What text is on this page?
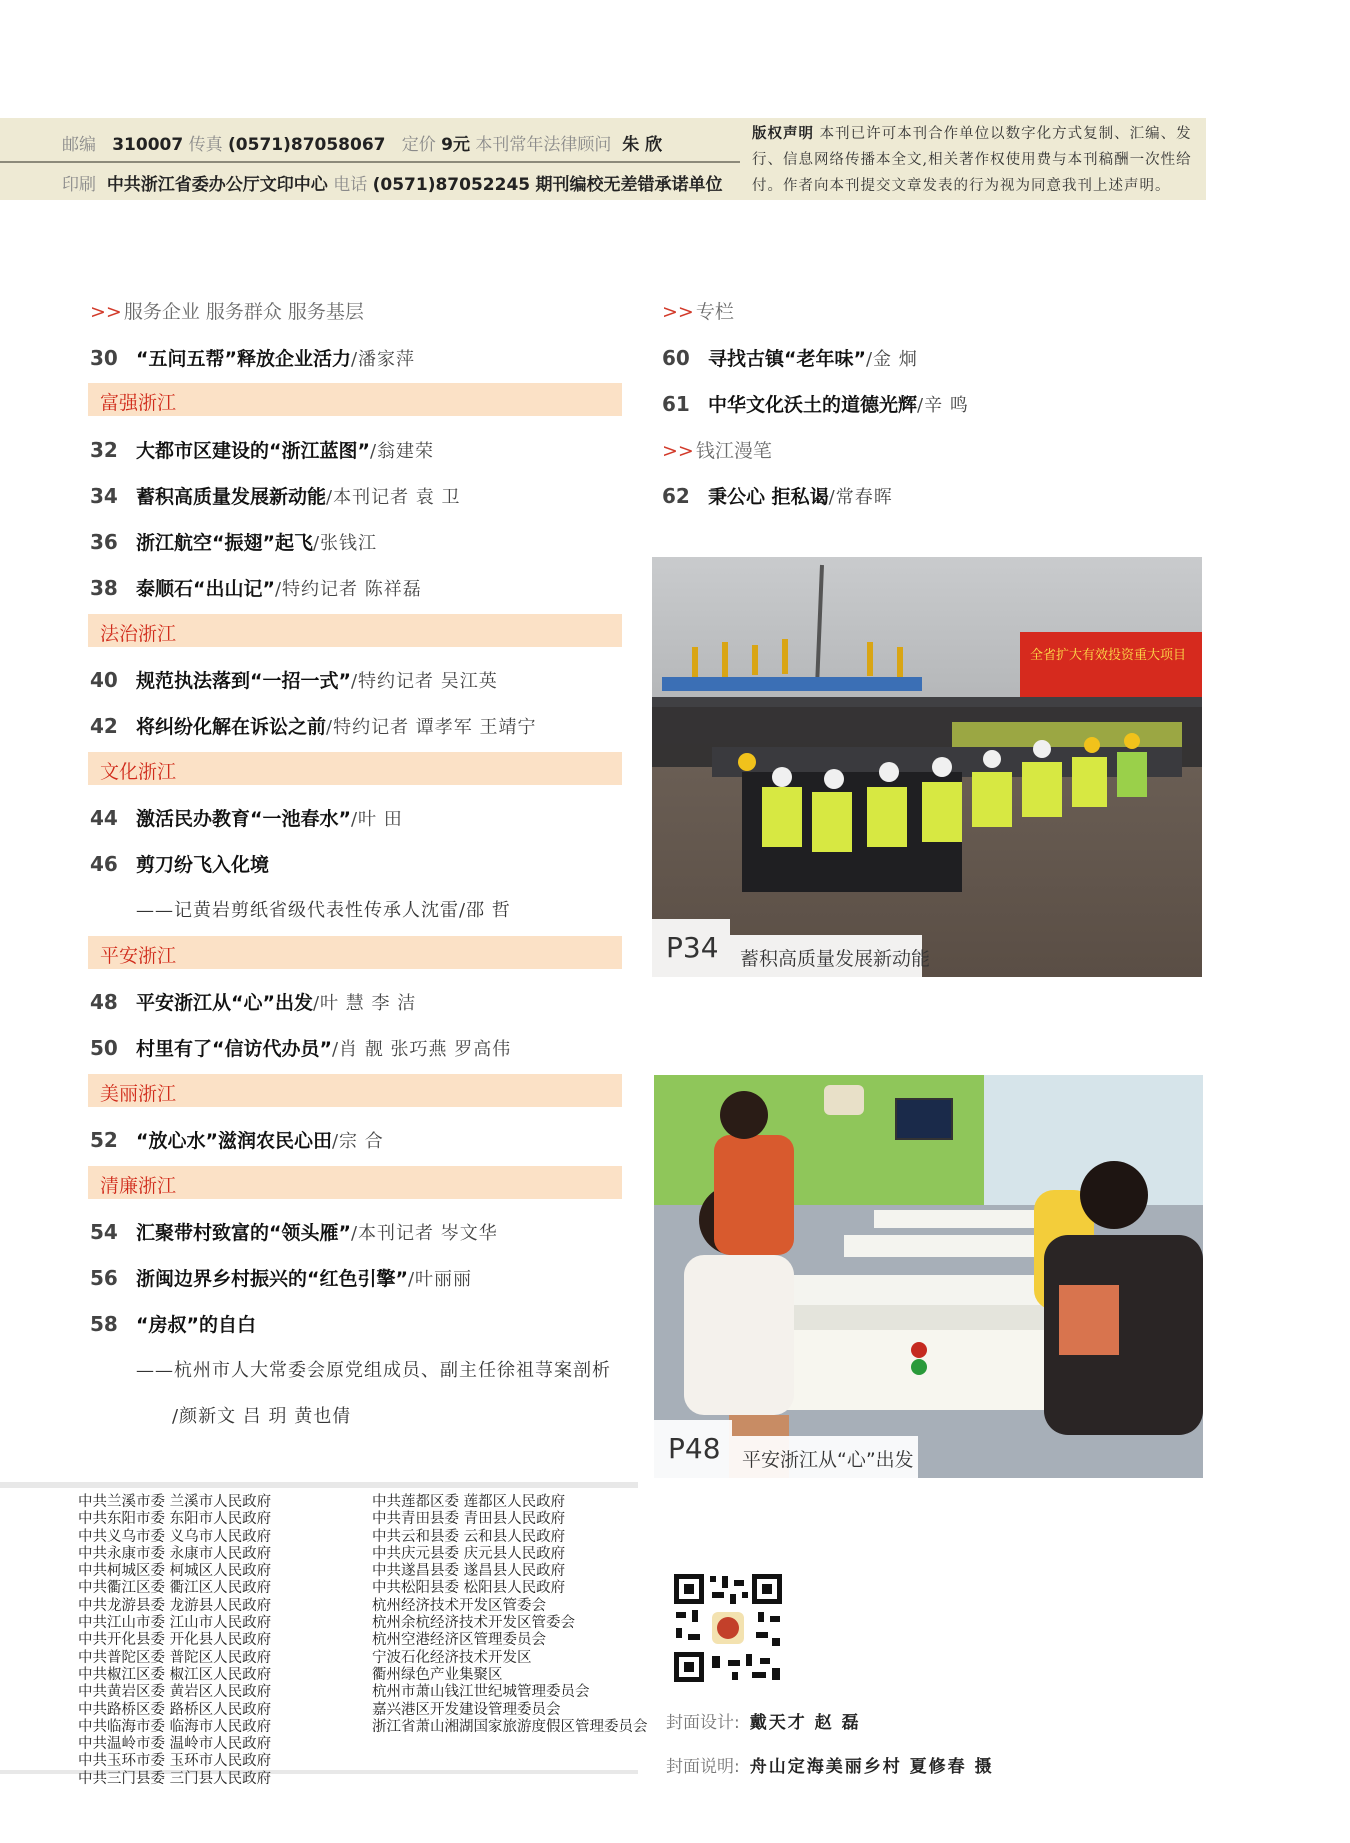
邮编 310007 传真 (0571)87058067 定价 9元 本刊常年法律顾问 朱 欣
印刷 中共浙江省委办公厅文印中心 电话 (0571)87052245 期刊编校无差错承诺单位
版权声明 本刊已许可本刊合作单位以数字化方式复制、汇编、发行、信息网络传播本全文,相关著作权使用费与本刊稿酬一次性给付。作者向本刊提交文章发表的行为视为同意我刊上述声明。
>> 服务企业 服务群众 服务基层
30 “五问五帮”释放企业活力/潘家萍
富强浙江
32 大都市区建设的“浙江蓝图”/翁建荣
34 蓄积高质量发展新动能/本刊记者 袁 卫
36 浙江航空“振翅”起飞/张钱江
38 泰顺石“出山记”/特约记者 陈祥磊
法治浙江
40 规范执法落到“一招一式”/特约记者 吴江英
42 将纠纷化解在诉讼之前/特约记者 谭孝军 王靖宁
文化浙江
44 激活民办教育“一池春水”/叶 田
46 剪刀纷飞入化境
——记黄岩剪纸省级代表性传承人沈雷/邵 哲
平安浙江
48 平安浙江从“心”出发/叶 慧 李 洁
50 村里有了“信访代办员”/肖 靓 张巧燕 罗高伟
美丽浙江
52 “放心水”滋润农民心田/宗 合
清廉浙江
54 汇聚带村致富的“领头雁”/本刊记者 岑文华
56 浙闽边界乡村振兴的“红色引擎”/叶丽丽
58 “房叔”的自白
——杭州市人大常委会原党组成员、副主任徐祖荨案剖析
/颜新文 吕 玥 黄也倩
>> 专栏
60 寻找古镇“老年味”/金 炯
61 中华文化沃土的道德光辉/辛 鸣
>> 钱江漫笔
62 秉公心 拒私谒/常春晖
全省扩大有效投资重大项目
P34 蓄积高质量发展新动能
P48 平安浙江从“心”出发
中共兰溪市委 兰溪市人民政府
中共东阳市委 东阳市人民政府
中共义乌市委 义乌市人民政府
中共永康市委 永康市人民政府
中共柯城区委 柯城区人民政府
中共衢江区委 衢江区人民政府
中共龙游县委 龙游县人民政府
中共江山市委 江山市人民政府
中共开化县委 开化县人民政府
中共普陀区委 普陀区人民政府
中共椒江区委 椒江区人民政府
中共黄岩区委 黄岩区人民政府
中共路桥区委 路桥区人民政府
中共临海市委 临海市人民政府
中共温岭市委 温岭市人民政府
中共玉环市委 玉环市人民政府
中共三门县委 三门县人民政府
中共莲都区委 莲都区人民政府
中共青田县委 青田县人民政府
中共云和县委 云和县人民政府
中共庆元县委 庆元县人民政府
中共遂昌县委 遂昌县人民政府
中共松阳县委 松阳县人民政府
杭州经济技术开发区管委会
杭州余杭经济技术开发区管委会
杭州空港经济区管理委员会
宁波石化经济技术开发区
衢州绿色产业集聚区
杭州市萧山钱江世纪城管理委员会
嘉兴港区开发建设管理委员会
浙江省萧山湘湖国家旅游度假区管理委员会 封面设计: 戴天才 赵 磊
封面说明: 舟山定海美丽乡村 夏修春 摄
